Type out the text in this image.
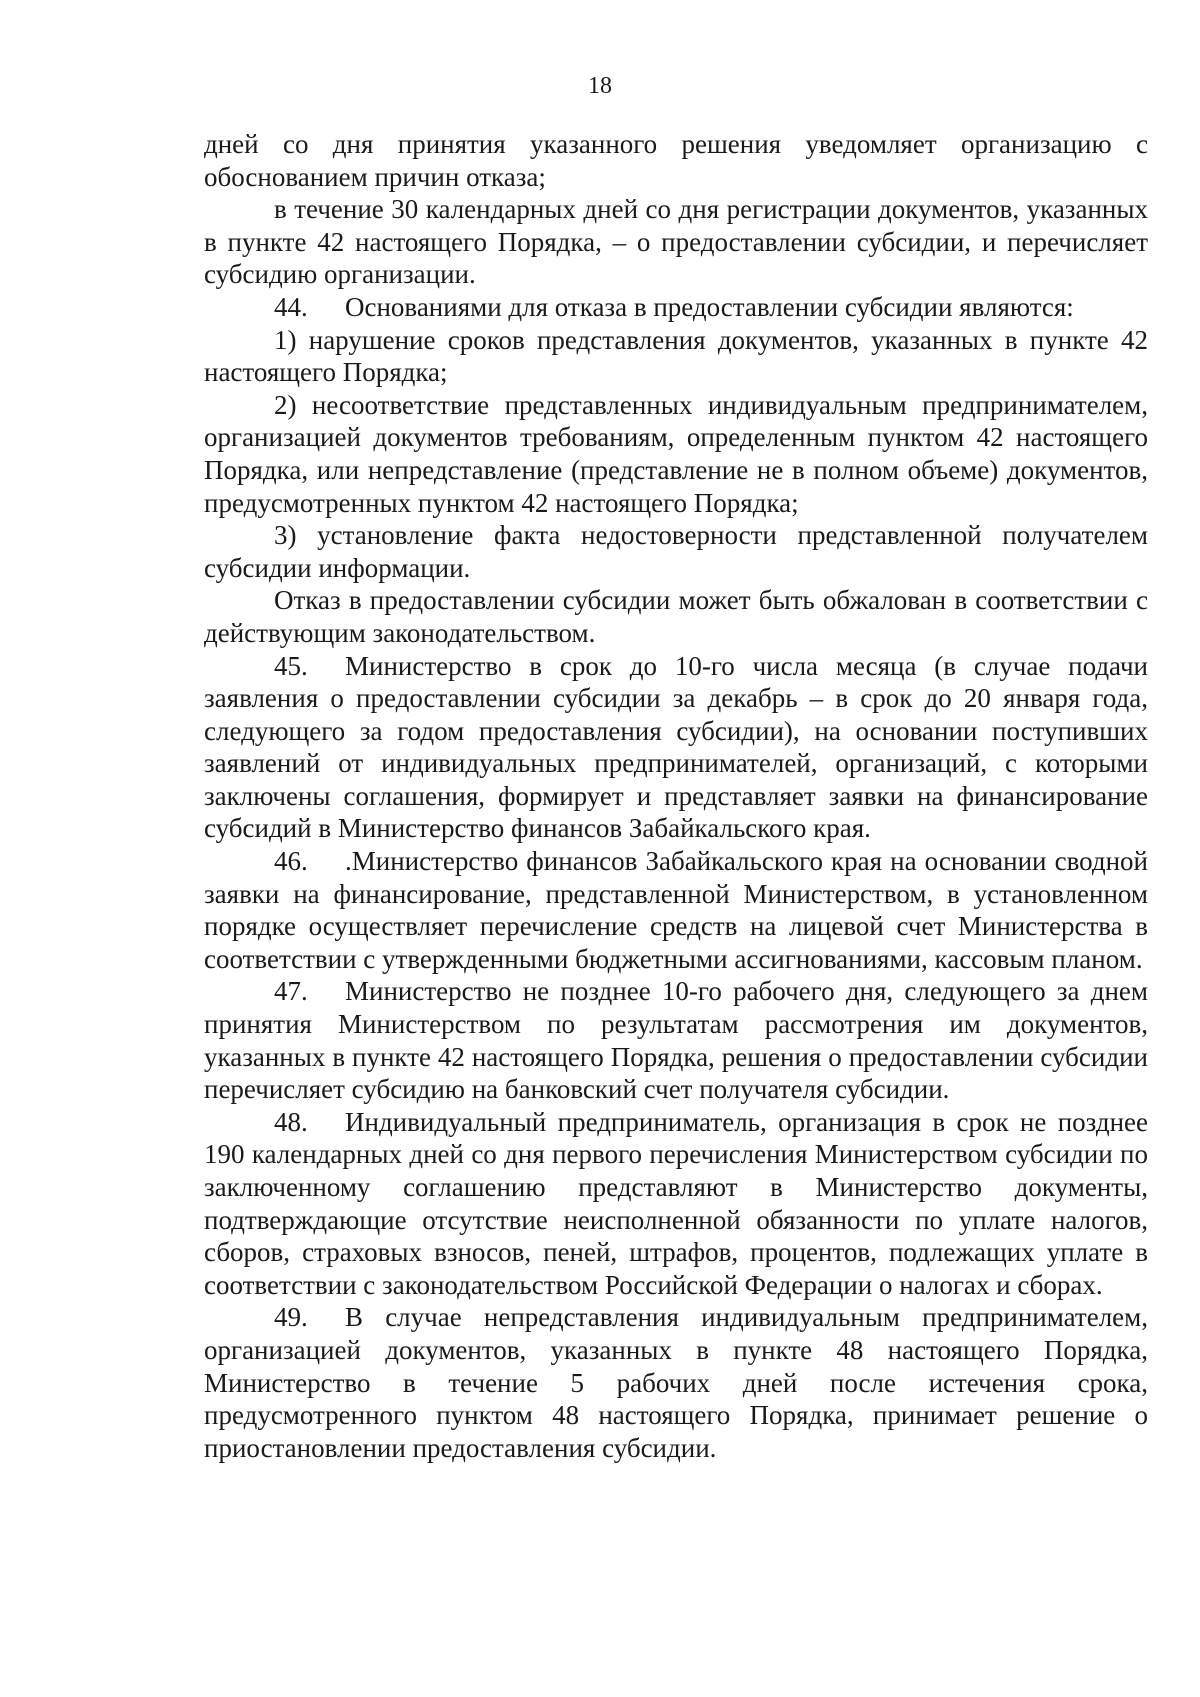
18

дней со дня принятия указанного решения уведомляет организацию с обоснованием причин отказа;

в течение 30 календарных дней со дня регистрации документов, указанных в пункте 42 настоящего Порядка, – о предоставлении субсидии, и перечисляет субсидию организации.

44. Основаниями для отказа в предоставлении субсидии являются:

1) нарушение сроков представления документов, указанных в пункте 42 настоящего Порядка;

2) несоответствие представленных индивидуальным предпринимателем, организацией документов требованиям, определенным пунктом 42 настоящего Порядка, или непредставление (представление не в полном объеме) документов, предусмотренных пунктом 42 настоящего Порядка;

3) установление факта недостоверности представленной получателем субсидии информации.

Отказ в предоставлении субсидии может быть обжалован в соответствии с действующим законодательством.

45. Министерство в срок до 10-го числа месяца (в случае подачи заявления о предоставлении субсидии за декабрь – в срок до 20 января года, следующего за годом предоставления субсидии), на основании поступивших заявлений от индивидуальных предпринимателей, организаций, с которыми заключены соглашения, формирует и представляет заявки на финансирование субсидий в Министерство финансов Забайкальского края.

46. .Министерство финансов Забайкальского края на основании сводной заявки на финансирование, представленной Министерством, в установленном порядке осуществляет перечисление средств на лицевой счет Министерства в соответствии с утвержденными бюджетными ассигнованиями, кассовым планом.

47. Министерство не позднее 10-го рабочего дня, следующего за днем принятия Министерством по результатам рассмотрения им документов, указанных в пункте 42 настоящего Порядка, решения о предоставлении субсидии перечисляет субсидию на банковский счет получателя субсидии.

48. Индивидуальный предприниматель, организация в срок не позднее 190 календарных дней со дня первого перечисления Министерством субсидии по заключенному соглашению представляют в Министерство документы, подтверждающие отсутствие неисполненной обязанности по уплате налогов, сборов, страховых взносов, пеней, штрафов, процентов, подлежащих уплате в соответствии с законодательством Российской Федерации о налогах и сборах.

49. В случае непредставления индивидуальным предпринимателем, организацией документов, указанных в пункте 48 настоящего Порядка, Министерство в течение 5 рабочих дней после истечения срока, предусмотренного пунктом 48 настоящего Порядка, принимает решение о приостановлении предоставления субсидии.
